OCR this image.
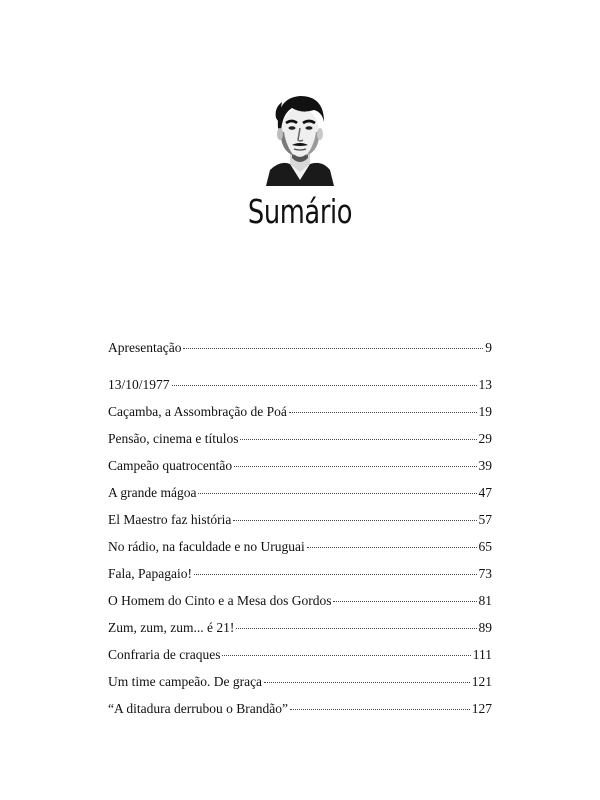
Sumário
Apresentação	9
13/10/1977	13
Caçamba, a Assombração de Poá	19
Pensão, cinema e títulos	29
Campeão quatrocentão	39
A grande mágoa	47
El Maestro faz história	57
No rádio, na faculdade e no Uruguai	65
Fala, Papagaio!	73
O Homem do Cinto e a Mesa dos Gordos	81
Zum, zum, zum... é 21!	89
Confraria de craques	111
Um time campeão. De graça	121
“A ditadura derrubou o Brandão”	127
